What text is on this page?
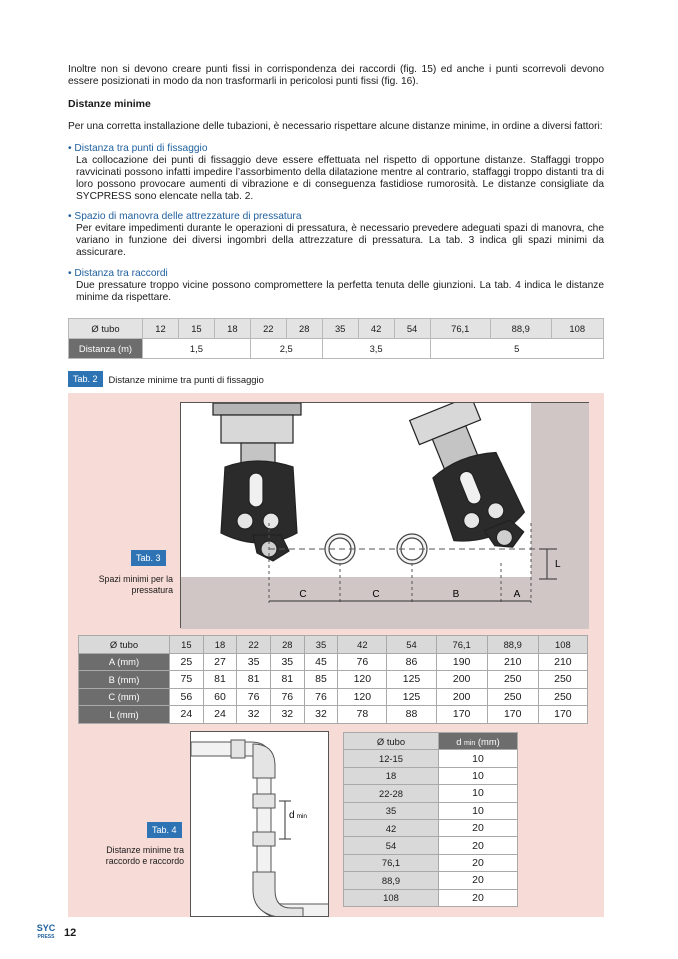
Inoltre non si devono creare punti fissi in corrispondenza dei raccordi (fig. 15) ed anche i punti scorrevoli devono essere posizionati in modo da non trasformarli in pericolosi punti fissi (fig. 16).

Distanze minime

Per una corretta installazione delle tubazioni, è necessario rispettare alcune distanze minime, in ordine a diversi fattori:

• Distanza tra punti di fissaggio
La collocazione dei punti di fissaggio deve essere effettuata nel rispetto di opportune distanze. Staffaggi troppo ravvicinati possono infatti impedire l’assorbimento della dilatazione mentre al contrario, staffaggi troppo distanti tra di loro possono provocare aumenti di vibrazione e di conseguenza fastidiose rumorosità. Le distanze consigliate da SYCPRESS sono elencate nella tab. 2.
• Spazio di manovra delle attrezzature di pressatura
Per evitare impedimenti durante le operazioni di pressatura, è necessario prevedere adeguati spazi di manovra, che variano in funzione dei diversi ingombri della attrezzature di pressatura. La tab. 3 indica gli spazi minimi da assicurare.
• Distanza tra raccordi
Due pressature troppo vicine possono compromettere la perfetta tenuta delle giunzioni. La tab. 4 indica le distanze minime da rispettare.
Ø tubo	12	15	18	22	28	35	42	54	76,1	88,9	108
Distanza (m)	1,5			2,5		3,5			5		
Tab. 2	Distanze minime tra punti di fissaggio
C	C	B	A
L
Tab. 3
Spazi minimi per la pressatura
Ø tubo	15	18	22	28	35	42	54	76,1	88,9	108
A (mm)	25	27	35	35	45	76	86	190	210	210
B (mm)	75	81	81	81	85	120	125	200	250	250
C (mm)	56	60	76	76	76	120	125	200	250	250
L (mm)	24	24	32	32	32	78	88	170	170	170
dmin
Tab. 4
Distanze minime tra raccordo e raccordo
Ø tubo	d min (mm)
12-15	10
18	10
22-28	10
35	10
42	20
54	20
76,1	20
88,9	20
108	20
SYC
PRESS 12
